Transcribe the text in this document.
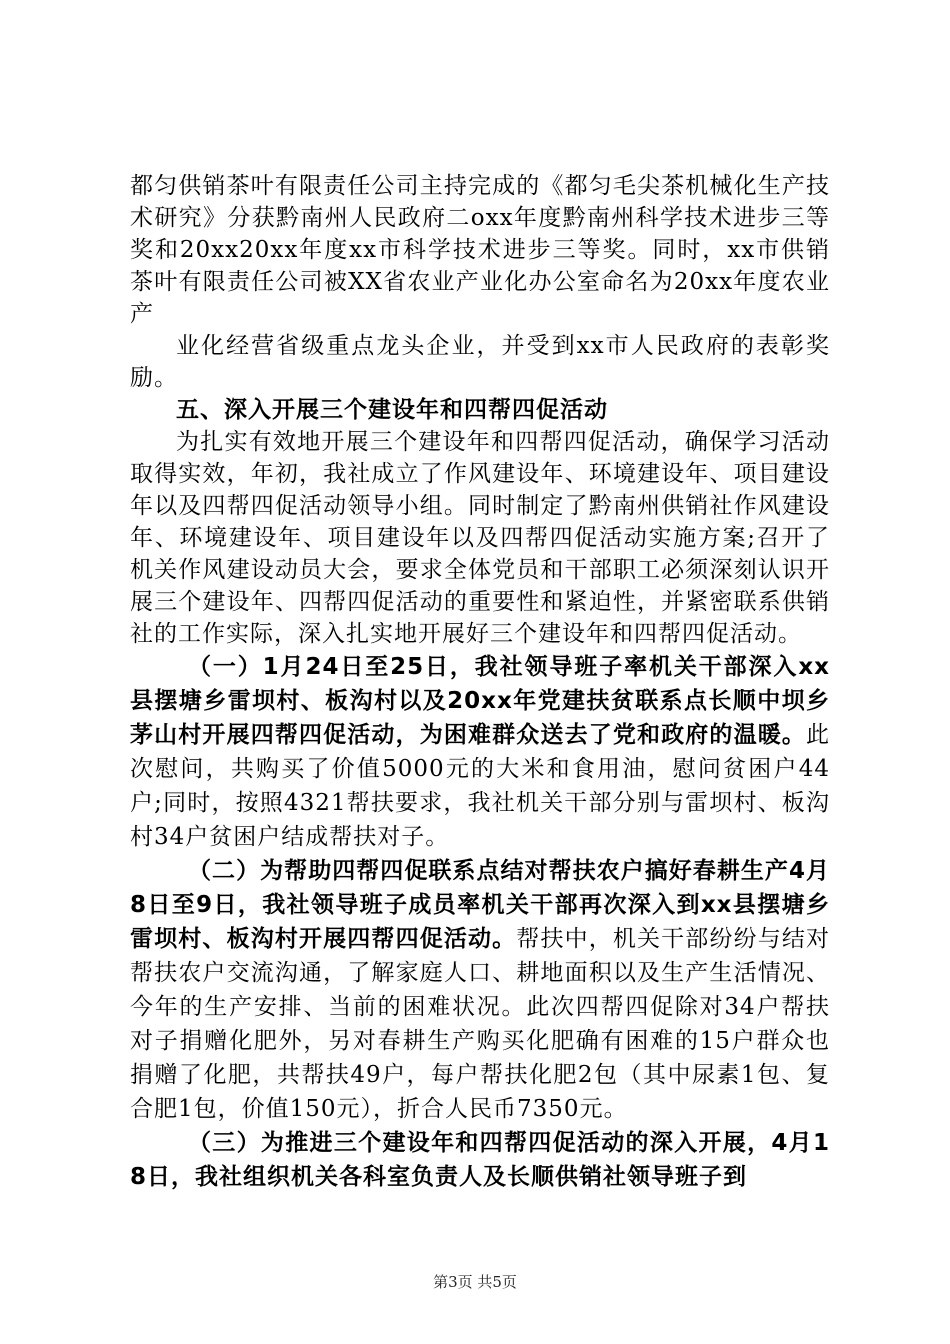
都匀供销茶叶有限责任公司主持完成的《都匀毛尖茶机械化生产技术研究》分获黔南州人民政府二oxx年度黔南州科学技术进步三等奖和20xx20xx年度xx市科学技术进步三等奖。同时，xx市供销茶叶有限责任公司被XX省农业产业化办公室命名为20xx年度农业产

业化经营省级重点龙头企业，并受到xx市人民政府的表彰奖励。

五、深入开展三个建设年和四帮四促活动

为扎实有效地开展三个建设年和四帮四促活动，确保学习活动取得实效，年初，我社成立了作风建设年、环境建设年、项目建设年以及四帮四促活动领导小组。同时制定了黔南州供销社作风建设年、环境建设年、项目建设年以及四帮四促活动实施方案;召开了机关作风建设动员大会，要求全体党员和干部职工必须深刻认识开展三个建设年、四帮四促活动的重要性和紧迫性，并紧密联系供销社的工作实际，深入扎实地开展好三个建设年和四帮四促活动。

（一）1月24日至25日，我社领导班子率机关干部深入xx县摆塘乡雷坝村、板沟村以及20xx年党建扶贫联系点长顺中坝乡茅山村开展四帮四促活动，为困难群众送去了党和政府的温暖。此次慰问，共购买了价值5000元的大米和食用油，慰问贫困户44户;同时，按照4321帮扶要求，我社机关干部分别与雷坝村、板沟村34户贫困户结成帮扶对子。

（二）为帮助四帮四促联系点结对帮扶农户搞好春耕生产4月8日至9日，我社领导班子成员率机关干部再次深入到xx县摆塘乡雷坝村、板沟村开展四帮四促活动。帮扶中，机关干部纷纷与结对帮扶农户交流沟通，了解家庭人口、耕地面积以及生产生活情况、今年的生产安排、当前的困难状况。此次四帮四促除对34户帮扶对子捐赠化肥外，另对春耕生产购买化肥确有困难的15户群众也捐赠了化肥，共帮扶49户，每户帮扶化肥2包（其中尿素1包、复合肥1包，价值150元），折合人民币7350元。

（三）为推进三个建设年和四帮四促活动的深入开展，4月18日，我社组织机关各科室负责人及长顺供销社领导班子到

第3页 共5页
